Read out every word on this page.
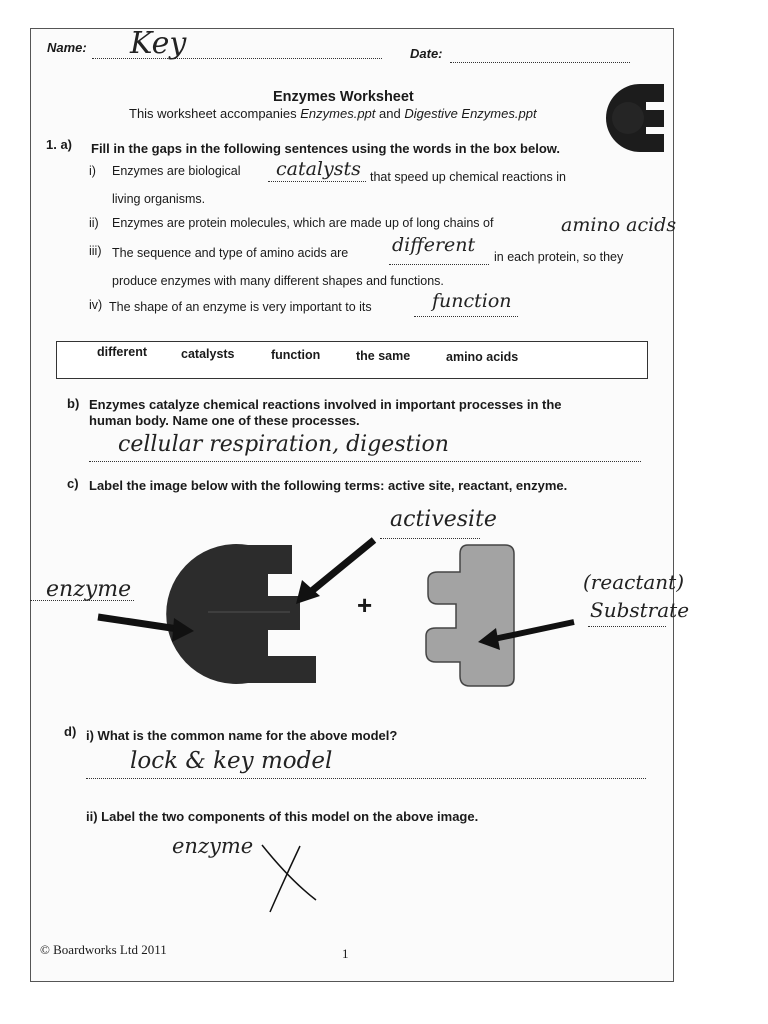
Name: Key	Date:
Enzymes Worksheet
This worksheet accompanies Enzymes.ppt and Digestive Enzymes.ppt
1. a) Fill in the gaps in the following sentences using the words in the box below.
i) Enzymes are biological catalysts that speed up chemical reactions in
living organisms.
ii) Enzymes are protein molecules, which are made up of long chains of	amino acids
iii) The sequence and type of amino acids are different
in each protein, so they
produce enzymes with many different shapes and functions.
iv) The shape of an enzyme is very important to its	function
different	catalysts	function	the same	amino acids
b) Enzymes catalyze chemical reactions involved in important processes in the
human body. Name one of these processes.
cellular respiration, digestion
c) Label the image below with the following terms: active site, reactant, enzyme.
activesite
enzyme
+
(reactant)
Substrate
d) i) What is the common name for the above model?
lock & key model
ii) Label the two components of this model on the above image.
enzyme
© Boardworks Ltd 2011	1
